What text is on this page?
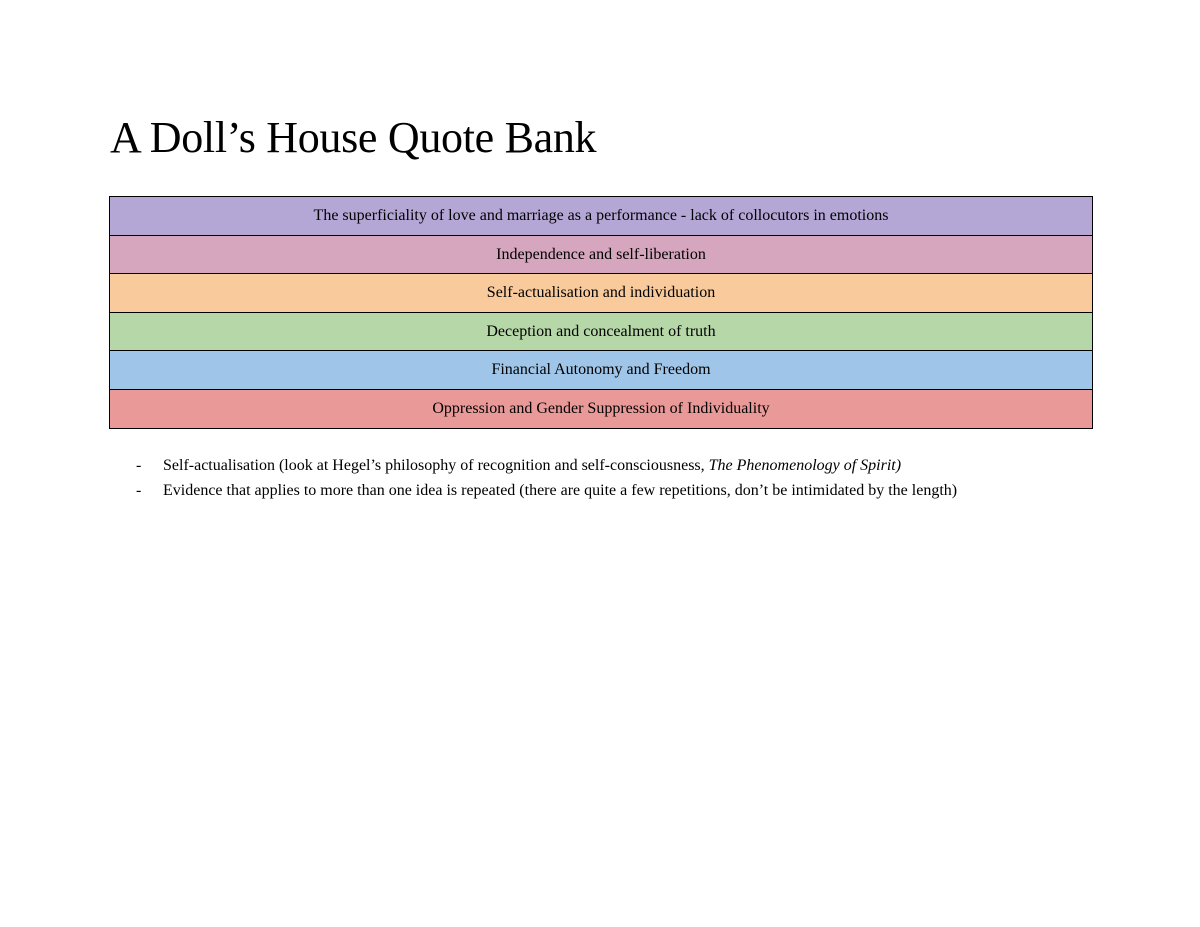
A Doll’s House Quote Bank
The superficiality of love and marriage as a performance - lack of collocutors in emotions
Independence and self-liberation
Self-actualisation and individuation
Deception and concealment of truth
Financial Autonomy and Freedom
Oppression and Gender Suppression of Individuality
- Self-actualisation (look at Hegel’s philosophy of recognition and self-consciousness, The Phenomenology of Spirit)
- Evidence that applies to more than one idea is repeated (there are quite a few repetitions, don’t be intimidated by the length)
